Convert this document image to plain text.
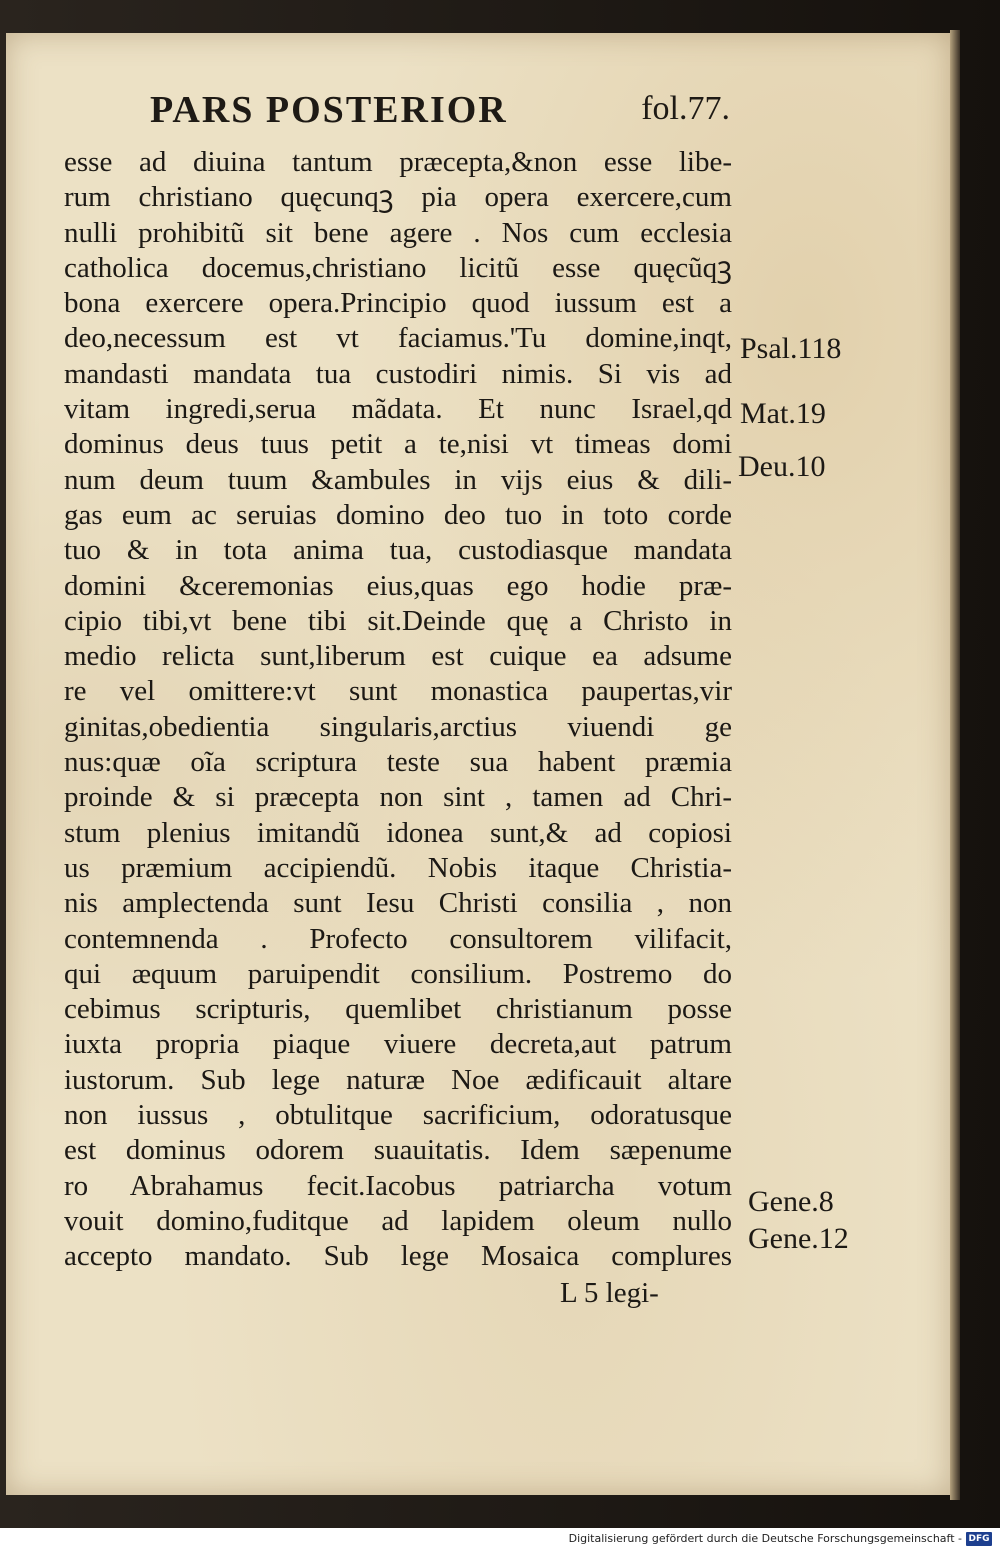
PARS POSTERIOR	fol.77.
esse ad diuina tantum præcepta,&non esse libe-
rum christiano quęcunqꝫ pia opera exercere,cum
nulli prohibitũ sit bene agere . Nos cum ecclesia
catholica docemus,christiano licitũ esse quęcũqꝫ
bona exercere opera.Principio quod iussum est a
deo,necessum est vt faciamus.'Tu domine,inqt,
mandasti mandata tua custodiri nimis. Si vis ad
vitam ingredi,serua mãdata. Et nunc Israel,qd
dominus deus tuus petit a te,nisi vt timeas domi
num deum tuum &ambules in vijs eius & dili-
gas eum ac seruias domino deo tuo in toto corde
tuo & in tota anima tua, custodiasque mandata
domini &ceremonias eius,quas ego hodie præ-
cipio tibi,vt bene tibi sit.Deinde quę a Christo in
medio relicta sunt,liberum est cuique ea adsume
re vel omittere:vt sunt monastica paupertas,vir
ginitas,obedientia singularis,arctius viuendi ge
nus:quæ oĩa scriptura teste sua habent præmia
proinde & si præcepta non sint , tamen ad Chri-
stum plenius imitandũ idonea sunt,& ad copiosi
us præmium accipiendũ. Nobis itaque Christia-
nis amplectenda sunt Iesu Christi consilia , non
contemnenda . Profecto consultorem vilifacit,
qui æquum paruipendit consilium. Postremo do
cebimus scripturis, quemlibet christianum posse
iuxta propria piaque viuere decreta,aut patrum
iustorum. Sub lege naturæ Noe ædificauit altare
non iussus , obtulitque sacrificium, odoratusque
est dominus odorem suauitatis. Idem sæpenume
ro Abrahamus fecit.Iacobus patriarcha votum
vouit domino,fuditque ad lapidem oleum nullo
accepto mandato. Sub lege Mosaica complures
Psal.118
Mat.19
Deu.10
Gene.8
Gene.12
L 5 legi-
Digitalisierung gefördert durch die Deutsche Forschungsgemeinschaft - DFG
